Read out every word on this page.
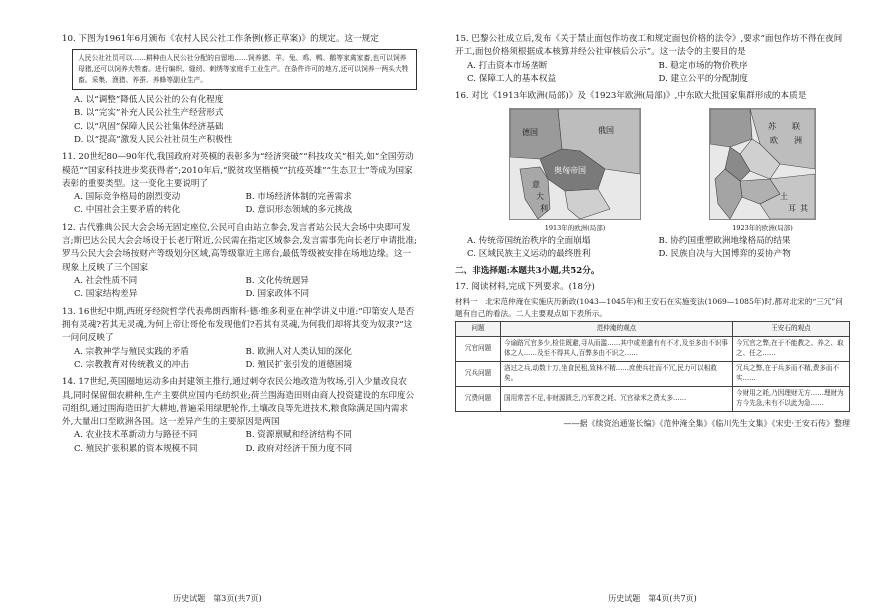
10. 下图为1961年6月颁布《农村人民公社工作条例(修正草案)》的规定。这一规定

人民公社社员可以……耕种由人民公社分配的自留地……饲养猪、羊、兔、鸡、鸭、鹅等家禽家畜,也可以饲养母猪,还可以饲养大牲畜。进行编织、缝纫、刺绣等家庭手工业生产。在条件许可的地方,还可以饲养一两头大牲畜。采集、渔猎、养蚕、养蜂等副业生产。
A. 以“调整”降低人民公社的公有化程度
B. 以“完实”补充人民公社生产经营形式
C. 以“巩固”保障人民公社集体经济基础
D. 以“提高”激发人民公社社员生产积极性

11. 20世纪80—90年代,我国政府对英模的表彰多为“经济突破”“科技攻关”相关,如“全国劳动模范”“国家科技进步奖获得者”;2010年后,“脱贫攻坚楷模”“抗疫英雄”“生态卫士”等成为国家表彰的重要类型。这一变化主要说明了

A. 国际竞争格局的剧烈变动	B. 市场经济体制的完善需求
C. 中国社会主要矛盾的转化	D. 意识形态领域的多元挑战

12. 古代雅典公民大会会场无固定座位,公民可自由站立参会,发言者站公民大会场中央即可发言;斯巴达公民大会会场设于长老厅附近,公民需在指定区域参会,发言需事先向长老厅申请批准;罗马公民大会会场按财产等级划分区域,高等级靠近主席台,最低等级被安排在场地边缘。这一现象上反映了三个国家

A. 社会性质不同	B. 文化传统迥异
C. 国家结构差异	D. 国家政体不同

13. 16世纪中期,西班牙经院哲学代表弗朗西斯科·德·维多利亚在神学讲义中道:“印第安人是否拥有灵魂?若其无灵魂,为何上帝让哥伦布发现他们?若其有灵魂,为何我们却将其变为奴隶?”这一问问反映了

A. 宗教神学与殖民实践的矛盾	B. 欧洲人对人类认知的深化
C. 宗教教育对传统教义的冲击	D. 殖民扩张引发的道德困境

14. 17世纪,英国圈地运动多由封建领主推行,通过刺夺农民公地改造为牧场,引入少量改良农具,同时保留佃农耕种,生产主要供应国内毛纺织业;荷兰围海造田则由商人投资建设的东印度公司组织,通过围海造田扩大耕地,普遍采用绿肥轮作,土壤改良等先进技术,粮食除满足国内需求外,大量出口至欧洲各国。这一差异产生的主要原因是两国

A. 农业技术革新动力与路径不同	B. 资源禀赋和经济结构不同
C. 殖民扩张积累的资本规模不同	D. 政府对经济干预力度不同
历史试题　第3页(共7页)

15. 巴黎公社成立后,发布《关于禁止面包作坊夜工和规定面包价格的法令》,要求“面包作坊不得在夜间开工,面包价格须根据成本核算并经公社审核后公示”。这一法令的主要目的是

A. 打击资本市场垄断	B. 稳定市场的物价秩序
C. 保障工人的基本权益	D. 建立公平的分配制度

16. 对比《1913年欧洲(局部)》及《1923年欧洲(局部)》,中东欧大批国家集群形成的本质是

德国	俄国
奥匈帝国
意
大
利
1913年的欧洲(局部)
苏 联
欧 洲
土
耳 其
1923年的欧洲(局部)
A. 传统帝国统治秩序的全面崩塌	B. 协约国重塑欧洲地缘格局的结果
C. 区域民族主义运动的最终胜利	D. 民族自决与大国博弈的妥协产物
二、非选择题:本题共3小题,共52分。

17. 阅读材料,完成下列要求。(18分)

材料一　北宋范仲淹在实施庆历新政(1043—1045年)和王安石在实施变法(1069—1085年)时,都对北宋的“三冗”问题有自己的看法。二人主要观点如下表所示。

问题	范仲淹的观点	王安石的观点
冗官问题	今谕路冗官多少,检住既避,寻从而滥……其中或差遣有有不才,及至多由不识事体之人……及至不得其人,百弊多由不识之……	今冗官之弊,在于不能教之、养之、取之、任之……
冗兵问题	洛过之兵,动数十万,坐食民租,致林不精……庶使兵壮而不冗,民力可以相救矣。	冗兵之弊,在于兵多而不精,费多而不实……
冗费问题	国用常苦不足,非财源匮乏,乃军费之耗、冗官禄米之费太多……	今财用之耗,乃因理财无方……理财为方今先急,未有不以此为急……
——据《续资治通鉴长编》《范仲淹全集》《临川先生文集》《宋史·王安石传》整理
历史试题　第4页(共7页)
